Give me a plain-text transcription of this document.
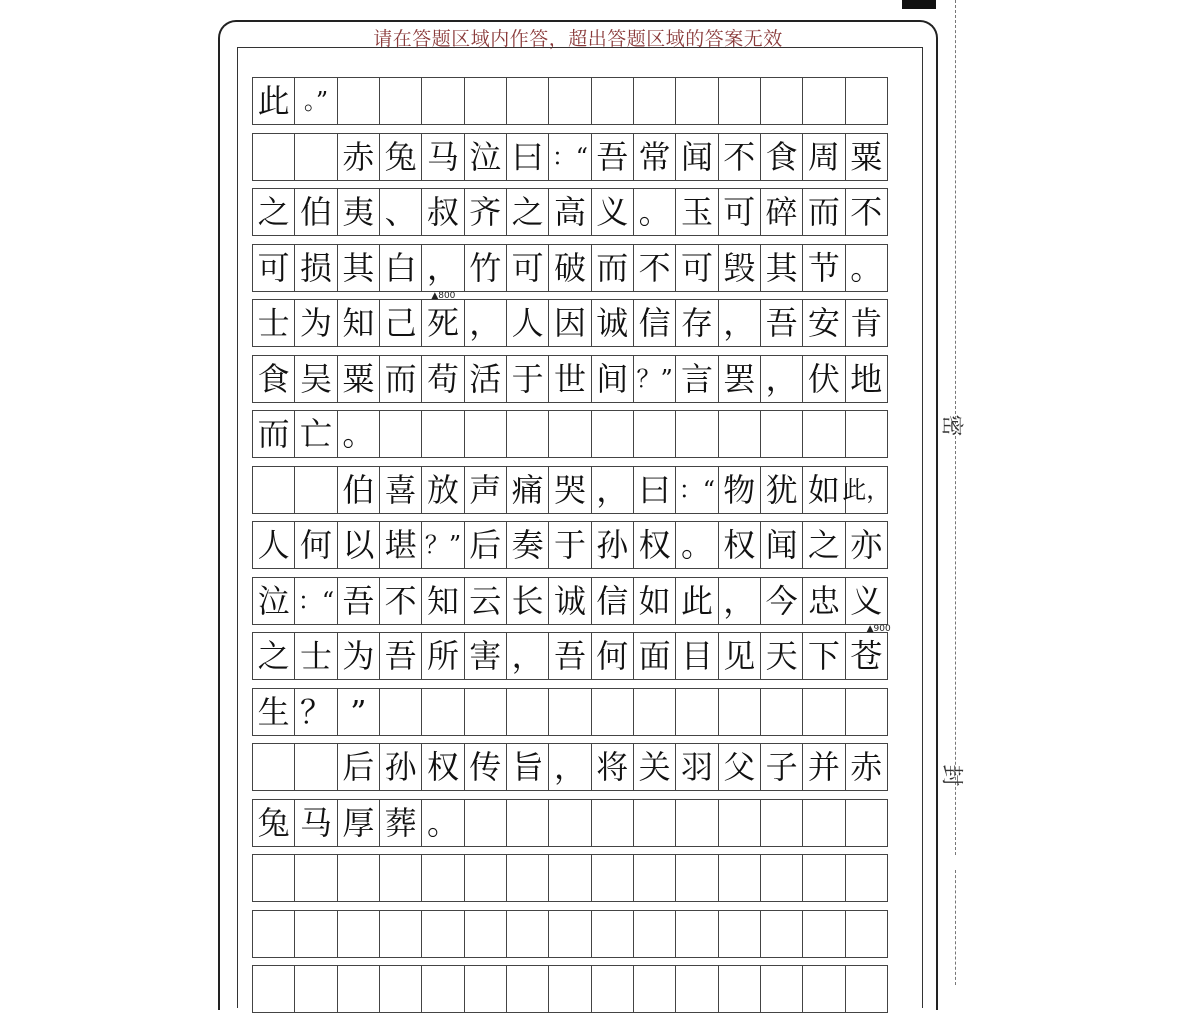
请在答题区域内作答，超出答题区域的答案无效
此 。”
赤 兔 马 泣 曰 ：“ 吾 常 闻 不 食 周 粟
之 伯 夷 、 叔 齐 之 高 义 。 玉 可 碎 而 不
可 损 其 白 ， 竹 可 破 而 不 可 毁 其 节 。
士 为 知 己 死 ， 人 因 诚 信 存 ， 吾 安 肯
食 吴 粟 而 苟 活 于 世 间 ？” 言 罢 ， 伏 地
而 亡 。
伯 喜 放 声 痛 哭 ， 曰 ：“ 物 犹 如 此，
人 何 以 堪 ？” 后 奏 于 孙 权 。 权 闻 之 亦
泣 ：“ 吾 不 知 云 长 诚 信 如 此 ， 今 忠 义
之 士 为 吾 所 害 ， 吾 何 面 目 见 天 下 苍
生 ？ ”
后 孙 权 传 旨 ， 将 关 羽 父 子 并 赤
兔 马 厚 葬 。
▲800
▲900
密
封
